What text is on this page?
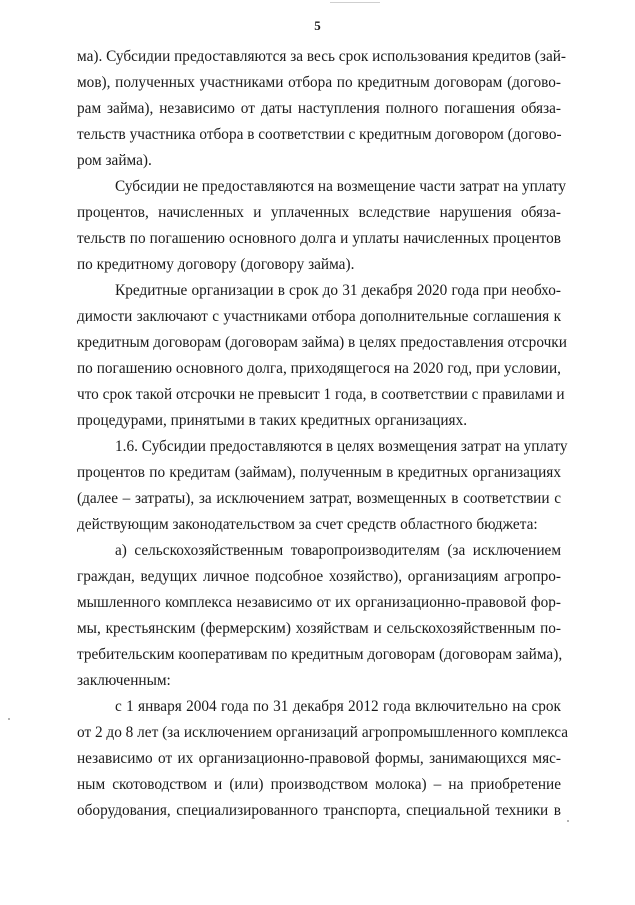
5
ма). Субсидии предоставляются за весь срок использования кредитов (зай-
мов), полученных участниками отбора по кредитным договорам (догово-
рам займа), независимо от даты наступления полного погашения обяза-
тельств участника отбора в соответствии с кредитным договором (догово-
ром займа).
Субсидии не предоставляются на возмещение части затрат на уплату
процентов, начисленных и уплаченных вследствие нарушения обяза-
тельств по погашению основного долга и уплаты начисленных процентов
по кредитному договору (договору займа).
Кредитные организации в срок до 31 декабря 2020 года при необхо-
димости заключают с участниками отбора дополнительные соглашения к
кредитным договорам (договорам займа) в целях предоставления отсрочки
по погашению основного долга, приходящегося на 2020 год, при условии,
что срок такой отсрочки не превысит 1 года, в соответствии с правилами и
процедурами, принятыми в таких кредитных организациях.
1.6. Субсидии предоставляются в целях возмещения затрат на уплату
процентов по кредитам (займам), полученным в кредитных организациях
(далее – затраты), за исключением затрат, возмещенных в соответствии с
действующим законодательством за счет средств областного бюджета:
а) сельскохозяйственным товаропроизводителям (за исключением
граждан, ведущих личное подсобное хозяйство), организациям агропро-
мышленного комплекса независимо от их организационно-правовой фор-
мы, крестьянским (фермерским) хозяйствам и сельскохозяйственным по-
требительским кооперативам по кредитным договорам (договорам займа),
заключенным:
с 1 января 2004 года по 31 декабря 2012 года включительно на срок
от 2 до 8 лет (за исключением организаций агропромышленного комплекса
независимо от их организационно-правовой формы, занимающихся мяс-
ным скотоводством и (или) производством молока) – на приобретение
оборудования, специализированного транспорта, специальной техники в
